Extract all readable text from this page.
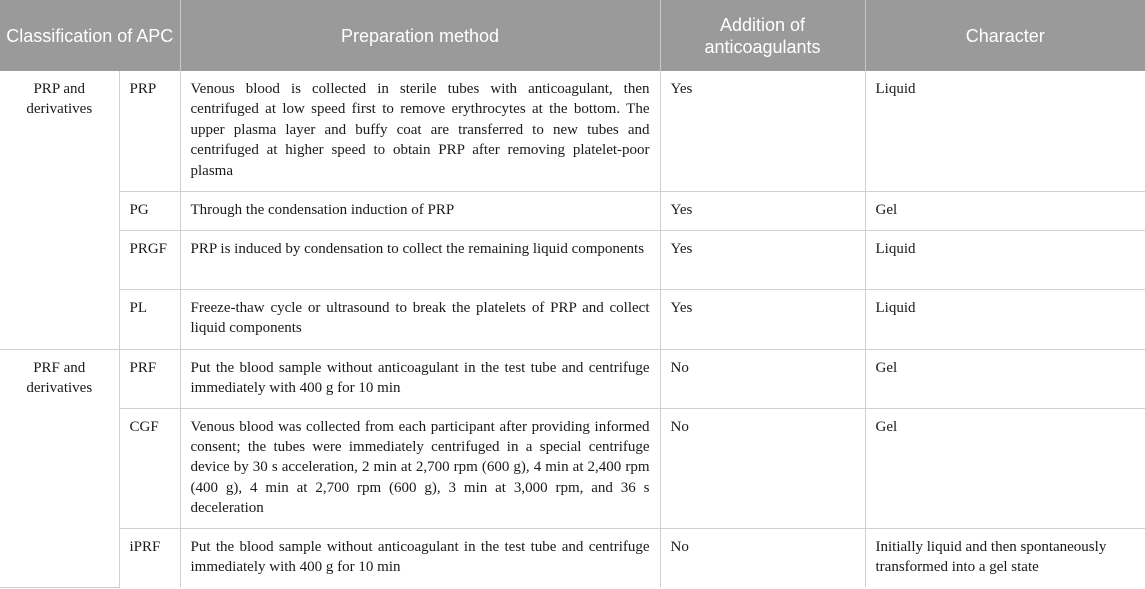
Classification of APC		Preparation method	Addition of anticoagulants	Character
PRP and derivatives	PRP	Venous blood is collected in sterile tubes with anticoagulant, then centrifuged at low speed first to remove erythrocytes at the bottom. The upper plasma layer and buffy coat are transferred to new tubes and centrifuged at higher speed to obtain PRP after removing platelet-poor plasma	Yes	Liquid
	PG	Through the condensation induction of PRP	Yes	Gel
	PRGF	PRP is induced by condensation to collect the remaining liquid components	Yes	Liquid
	PL	Freeze-thaw cycle or ultrasound to break the platelets of PRP and collect liquid components	Yes	Liquid
PRF and derivatives	PRF	Put the blood sample without anticoagulant in the test tube and centrifuge immediately with 400 g for 10 min	No	Gel
	CGF	Venous blood was collected from each participant after providing informed consent; the tubes were immediately centrifuged in a special centrifuge device by 30 s acceleration, 2 min at 2,700 rpm (600 g), 4 min at 2,400 rpm (400 g), 4 min at 2,700 rpm (600 g), 3 min at 3,000 rpm, and 36 s deceleration	No	Gel
	iPRF	Put the blood sample without anticoagulant in the test tube and centrifuge immediately with 400 g for 10 min	No	Initially liquid and then spontaneously transformed into a gel state
